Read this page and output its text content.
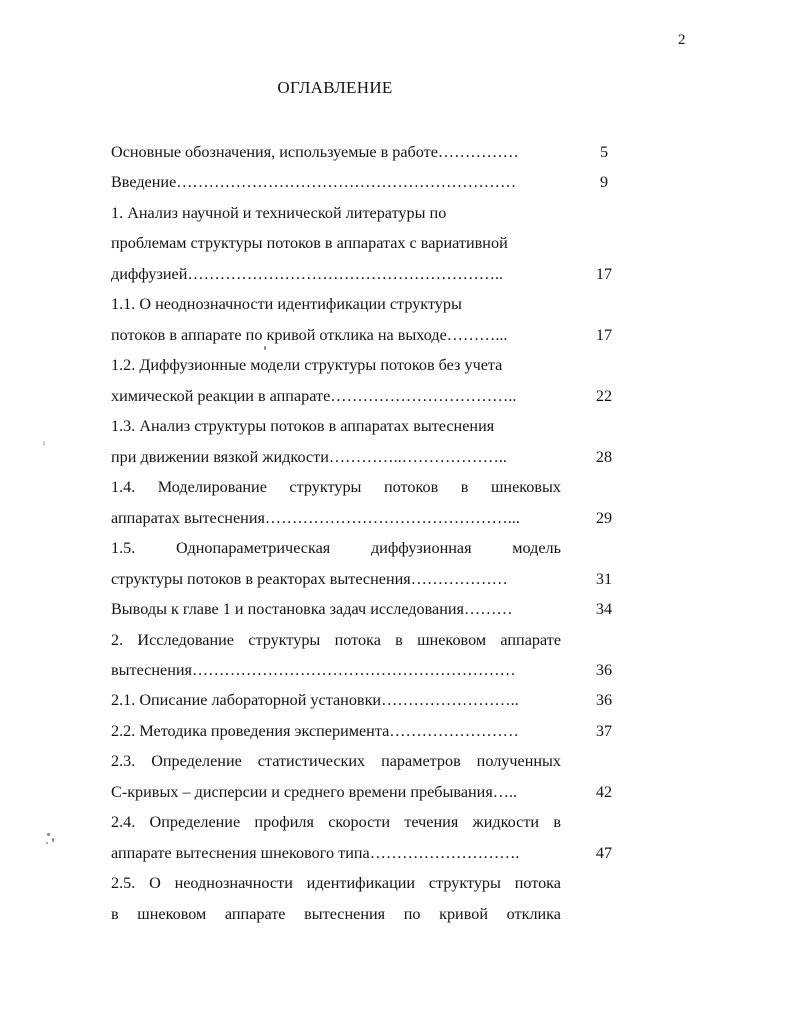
2
ОГЛАВЛЕНИЕ
Основные обозначения, используемые в работе……………	5
Введение………………………………………………………	9
1. Анализ научной и технической литературы по
проблемам структуры потоков в аппаратах с вариативной
диффузией…………………………………………………..	17
1.1. О неоднозначности идентификации структуры
потоков в аппарате по кривой отклика на выходе………...	17
1.2. Диффузионные модели структуры потоков без учета
химической реакции в аппарате……………………………..	22
1.3. Анализ структуры потоков в аппаратах вытеснения
при движении вязкой жидкости…………..………………..	28
1.4. Моделирование структуры потоков в шнековых
аппаратах вытеснения………………………………………...	29
1.5. Однопараметрическая диффузионная модель
структуры потоков в реакторах вытеснения………………	31
Выводы к главе 1 и постановка задач исследования………	34
2. Исследование структуры потока в шнековом аппарате
вытеснения……………………………………………………	36
2.1. Описание лабораторной установки……………………..	36
2.2. Методика проведения эксперимента……………………	37
2.3. Определение статистических параметров полученных
С-кривых – дисперсии и среднего времени пребывания…..	42
2.4. Определение профиля скорости течения жидкости в
аппарате вытеснения шнекового типа……………………….	47
2.5. О неоднозначности идентификации структуры потока
в шнековом аппарате вытеснения по кривой отклика
